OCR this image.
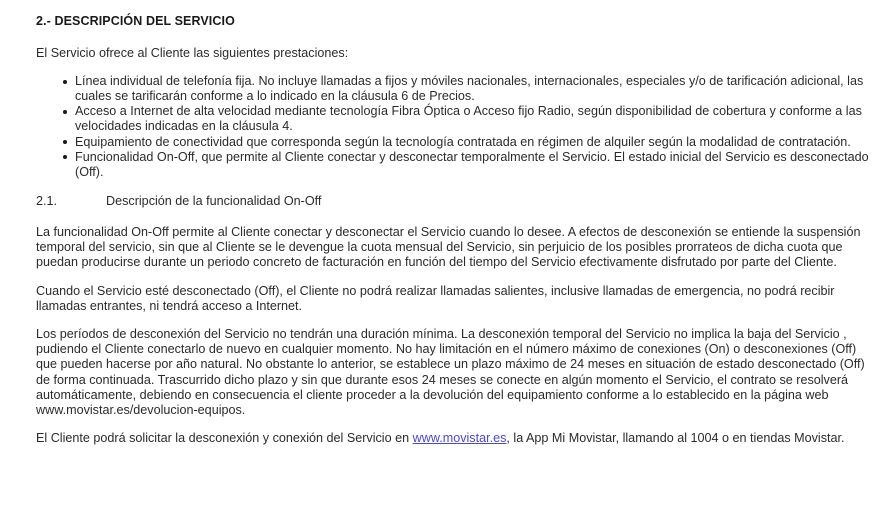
2.- DESCRIPCIÓN DEL SERVICIO

El Servicio ofrece al Cliente las siguientes prestaciones:

Línea individual de telefonía fija. No incluye llamadas a fijos y móviles nacionales, internacionales, especiales y/o de tarificación adicional, las cuales se tarificarán conforme a lo indicado en la cláusula 6 de Precios.
Acceso a Internet de alta velocidad mediante tecnología Fibra Óptica o Acceso fijo Radio, según disponibilidad de cobertura y conforme a las velocidades indicadas en la cláusula 4.
Equipamiento de conectividad que corresponda según la tecnología contratada en régimen de alquiler según la modalidad de contratación.
Funcionalidad On-Off, que permite al Cliente conectar y desconectar temporalmente el Servicio. El estado inicial del Servicio es desconectado (Off).
2.1.	Descripción de la funcionalidad On-Off

La funcionalidad On-Off permite al Cliente conectar y desconectar el Servicio cuando lo desee. A efectos de desconexión se entiende la suspensión temporal del servicio, sin que al Cliente se le devengue la cuota mensual del Servicio, sin perjuicio de los posibles prorrateos de dicha cuota que puedan producirse durante un periodo concreto de facturación en función del tiempo del Servicio efectivamente disfrutado por parte del Cliente.

Cuando el Servicio esté desconectado (Off), el Cliente no podrá realizar llamadas salientes, inclusive llamadas de emergencia, no podrá recibir llamadas entrantes, ni tendrá acceso a Internet.

Los períodos de desconexión del Servicio no tendrán una duración mínima. La desconexión temporal del Servicio no implica la baja del Servicio , pudiendo el Cliente conectarlo de nuevo en cualquier momento. No hay limitación en el número máximo de conexiones (On) o desconexiones (Off) que pueden hacerse por año natural. No obstante lo anterior, se establece un plazo máximo de 24 meses en situación de estado desconectado (Off) de forma continuada. Trascurrido dicho plazo y sin que durante esos 24 meses se conecte en algún momento el Servicio, el contrato se resolverá automáticamente, debiendo en consecuencia el cliente proceder a la devolución del equipamiento conforme a lo establecido en la página web www.movistar.es/devolucion-equipos.

El Cliente podrá solicitar la desconexión y conexión del Servicio en www.movistar.es, la App Mi Movistar, llamando al 1004 o en tiendas Movistar.
